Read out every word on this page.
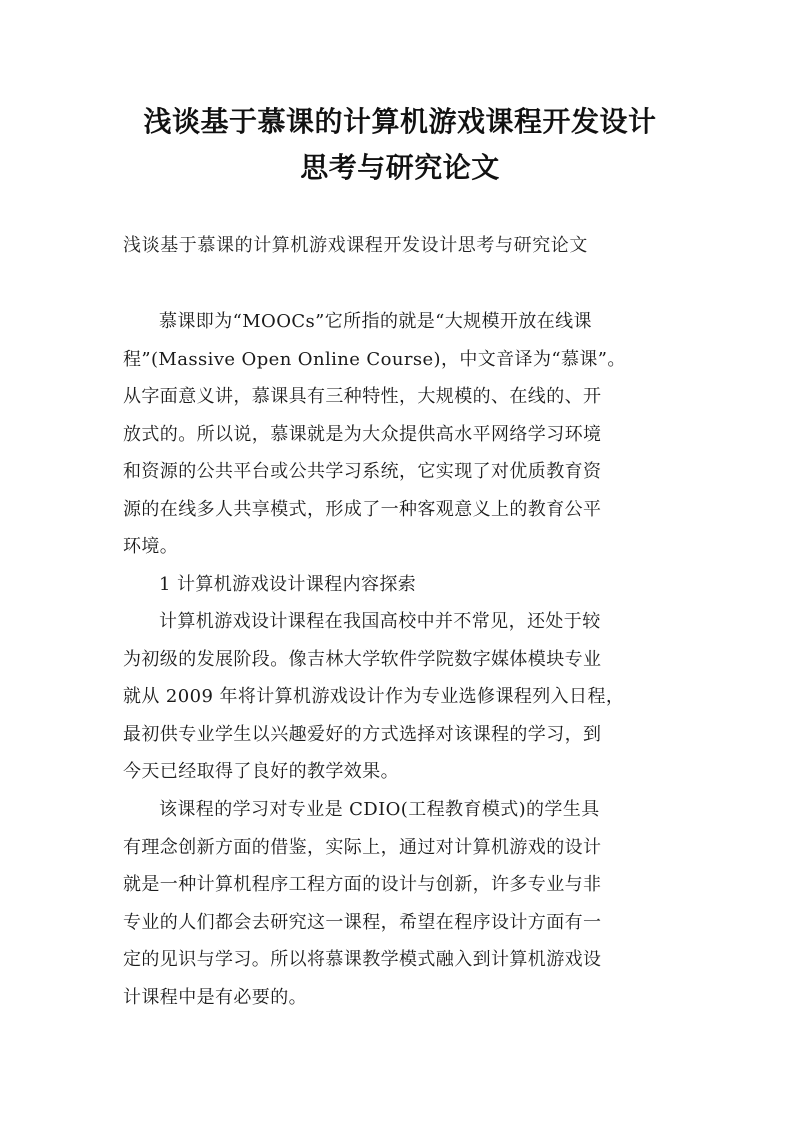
浅谈基于慕课的计算机游戏课程开发设计
思考与研究论文
浅谈基于慕课的计算机游戏课程开发设计思考与研究论文
慕课即为“MOOCs”它所指的就是“大规模开放在线课
程”(Massive Open Online Course)，中文音译为“慕课”。
从字面意义讲，慕课具有三种特性，大规模的、在线的、开
放式的。所以说，慕课就是为大众提供高水平网络学习环境
和资源的公共平台或公共学习系统，它实现了对优质教育资
源的在线多人共享模式，形成了一种客观意义上的教育公平
环境。
1 计算机游戏设计课程内容探索
计算机游戏设计课程在我国高校中并不常见，还处于较
为初级的发展阶段。像吉林大学软件学院数字媒体模块专业
就从 2009 年将计算机游戏设计作为专业选修课程列入日程，
最初供专业学生以兴趣爱好的方式选择对该课程的学习，到
今天已经取得了良好的教学效果。
该课程的学习对专业是 CDIO(工程教育模式)的学生具
有理念创新方面的借鉴，实际上，通过对计算机游戏的设计
就是一种计算机程序工程方面的设计与创新，许多专业与非
专业的人们都会去研究这一课程，希望在程序设计方面有一
定的见识与学习。所以将慕课教学模式融入到计算机游戏设
计课程中是有必要的。
